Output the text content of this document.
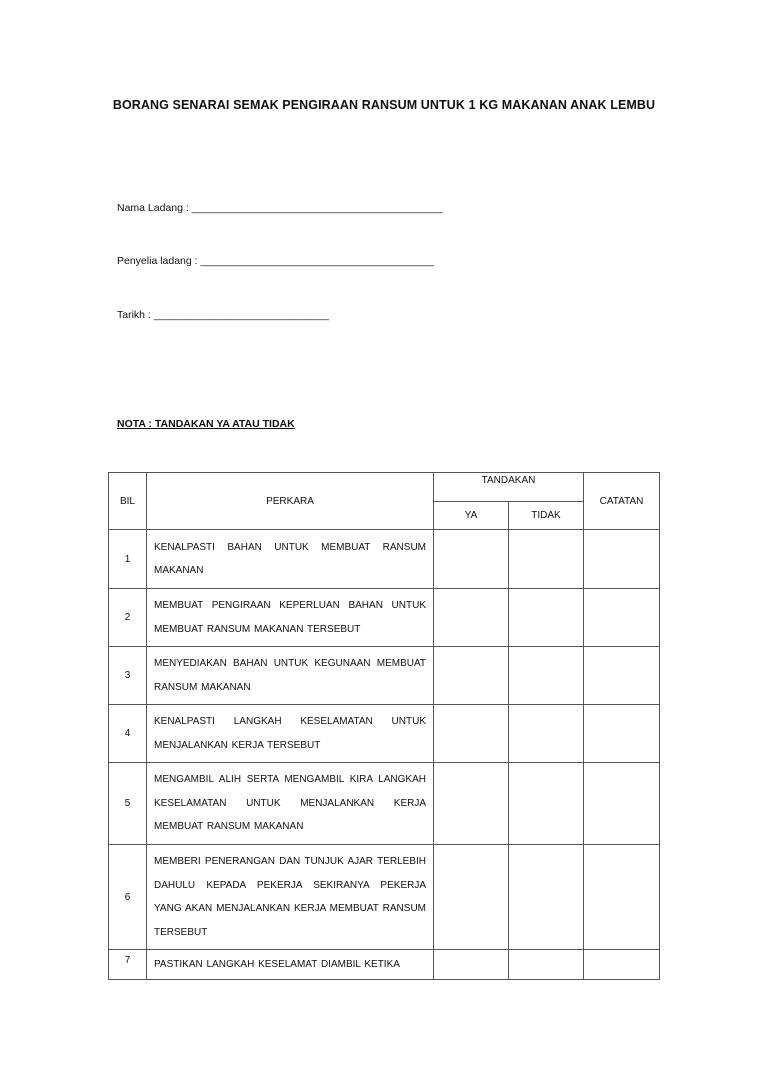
BORANG SENARAI SEMAK PENGIRAAN RANSUM UNTUK 1 KG MAKANAN ANAK LEMBU
Nama Ladang : ___________________________________________
Penyelia ladang : ________________________________________
Tarikh : ______________________________
NOTA : TANDAKAN YA ATAU TIDAK
BIL	PERKARA	TANDAKAN		CATATAN
		YA	TIDAK	
1	KENALPASTI BAHAN UNTUK MEMBUAT RANSUM MAKANAN			
2	MEMBUAT PENGIRAAN KEPERLUAN BAHAN UNTUK MEMBUAT RANSUM MAKANAN TERSEBUT			
3	MENYEDIAKAN BAHAN UNTUK KEGUNAAN MEMBUAT RANSUM MAKANAN			
4	KENALPASTI LANGKAH KESELAMATAN UNTUK MENJALANKAN KERJA TERSEBUT			
5	MENGAMBIL ALIH SERTA MENGAMBIL KIRA LANGKAH KESELAMATAN UNTUK MENJALANKAN KERJA MEMBUAT RANSUM MAKANAN			
6	MEMBERI PENERANGAN DAN TUNJUK AJAR TERLEBIH DAHULU KEPADA PEKERJA SEKIRANYA PEKERJA YANG AKAN MENJALANKAN KERJA MEMBUAT RANSUM TERSEBUT			
7	PASTIKAN LANGKAH KESELAMAT DIAMBIL KETIKA			
